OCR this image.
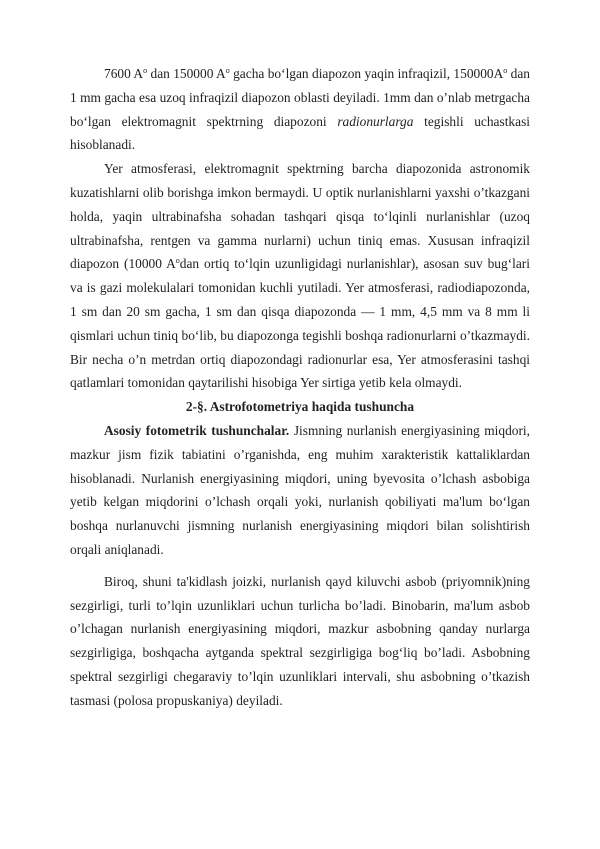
7600 $A^o$ dan 150000 $A^o$ gacha bo‘lgan diapozon yaqin infraqizil, $150000A^o$ dan 1 mm gacha esa uzoq infraqizil diapozon oblasti deyiladi. 1mm dan o’nlab metrgacha bo‘lgan elektromagnit spektrning diapozoni radionurlarga tegishli uchastkasi hisoblanadi.

Yer atmosferasi, elektromagnit spektrning barcha diapozonida astronomik kuzatishlarni olib borishga imkon bermaydi. U optik nurlanishlarni yaxshi o’tkazgani holda, yaqin ultrabinafsha sohadan tashqari qisqa to‘lqinli nurlanishlar (uzoq ultrabinafsha, rentgen va gamma nurlarni) uchun tiniq emas. Xususan infraqizil diapozon (10000 $A^odan$ ortiq to‘lqin uzunligidagi nurlanishlar), asosan suv bug‘lari va is gazi molekulalari tomonidan kuchli yutiladi. Yer atmosferasi, radiodiapozonda, 1 sm dan 20 sm gacha, 1 sm dan qisqa diapozonda — 1 mm, 4,5 mm va 8 mm li qismlari uchun tiniq bo‘lib, bu diapozonga tegishli boshqa radionurlarni o’tkazmaydi. Bir necha o’n metrdan ortiq diapozondagi radionurlar esa, Yer atmosferasini tashqi qatlamlari tomonidan qaytarilishi hisobiga Yer sirtiga yetib kela olmaydi.

2-§. Astrofotometriya haqida tushuncha

Asosiy fotometrik tushunchalar. Jismning nurlanish energiyasining miqdori, mazkur jism fizik tabiatini o’rganishda, eng muhim xarakteristik kattaliklardan hisoblanadi. Nurlanish energiyasining miqdori, uning byevosita o’lchash asbobiga yetib kelgan miqdorini o’lchash orqali yoki, nurlanish qobiliyati ma'lum bo‘lgan boshqa nurlanuvchi jismning nurlanish energiyasining miqdori bilan solishtirish orqali aniqlanadi.

Biroq, shuni ta'kidlash joizki, nurlanish qayd kiluvchi asbob (priyomnik)ning sezgirligi, turli to’lqin uzunliklari uchun turlicha bo’ladi. Binobarin, ma'lum asbob o’lchagan nurlanish energiyasining miqdori, mazkur asbobning qanday nurlarga sezgirligiga, boshqacha aytganda spektral sezgirligiga bog‘liq bo’ladi. Asbobning spektral sezgirligi chegaraviy to’lqin uzunliklari intervali, shu asbobning o’tkazish tasmasi (polosa propuskaniya) deyiladi.
